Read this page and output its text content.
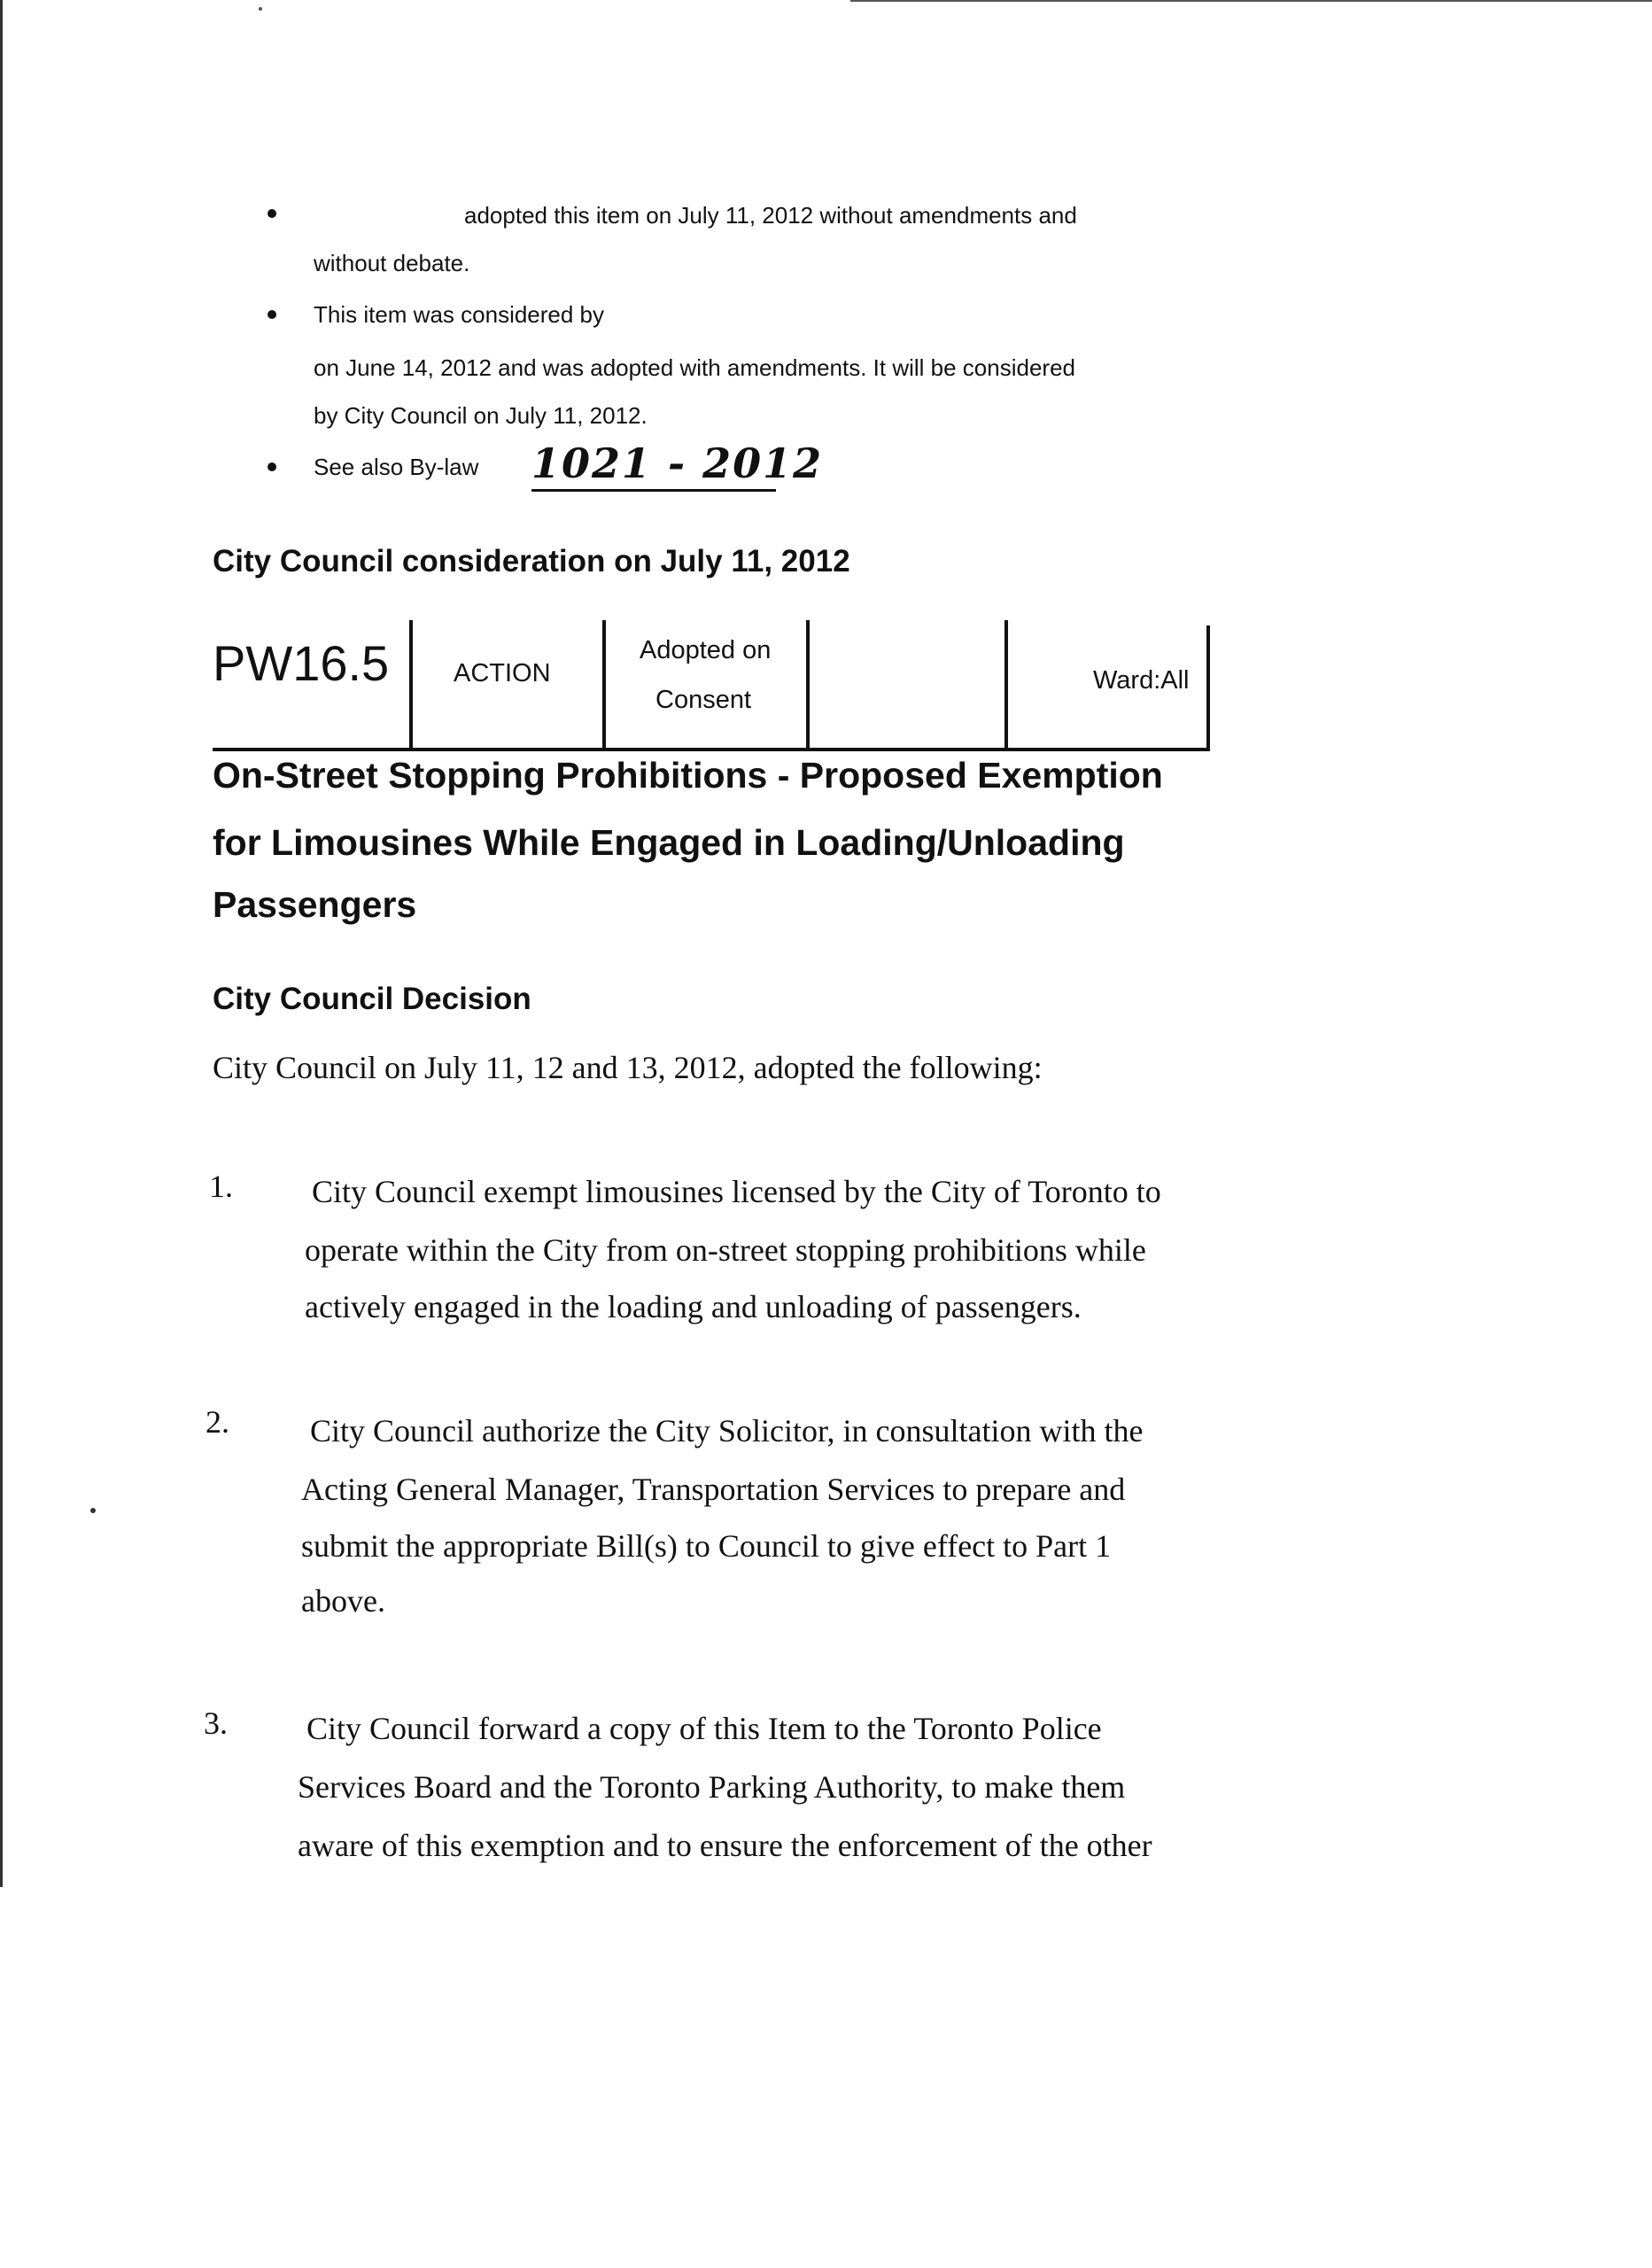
adopted this item on July 11, 2012 without amendments and
without debate.
This item was considered by
on June 14, 2012 and was adopted with amendments. It will be considered
by City Council on July 11, 2012.
See also By-law 1021 - 2012
City Council consideration on July 11, 2012
PW16.5	ACTION
Adopted on
Consent
Ward:All
On-Street Stopping Prohibitions - Proposed Exemption
for Limousines While Engaged in Loading/Unloading
Passengers
City Council Decision
City Council on July 11, 12 and 13, 2012, adopted the following:
1. City Council exempt limousines licensed by the City of Toronto to
operate within the City from on-street stopping prohibitions while
actively engaged in the loading and unloading of passengers.
2.	City Council authorize the City Solicitor, in consultation with the
Acting General Manager, Transportation Services to prepare and
submit the appropriate Bill(s) to Council to give effect to Part 1
above.
3. City Council forward a copy of this Item to the Toronto Police
Services Board and the Toronto Parking Authority, to make them
aware of this exemption and to ensure the enforcement of the other
